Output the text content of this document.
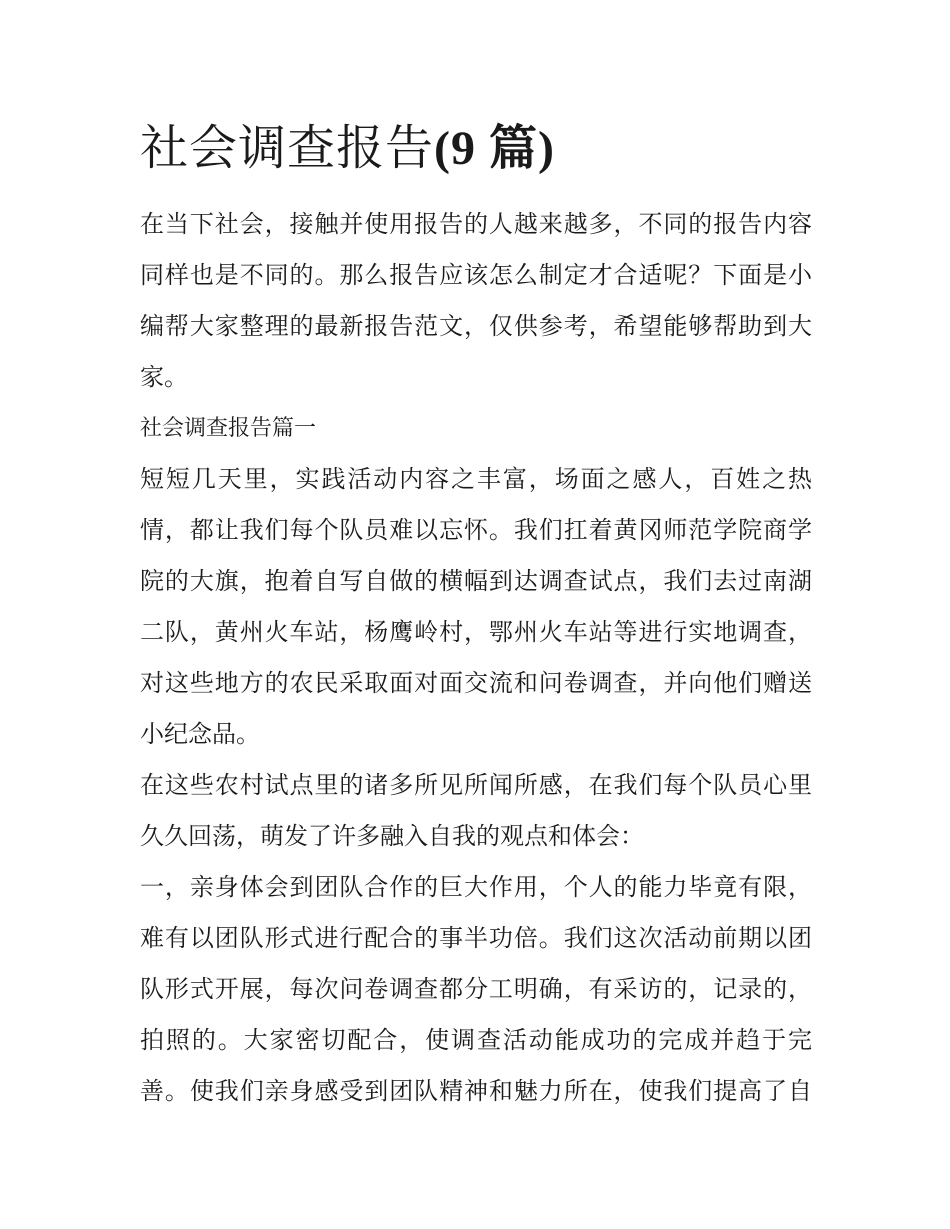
社会调查报告(9 篇)

在当下社会，接触并使用报告的人越来越多，不同的报告内容
同样也是不同的。那么报告应该怎么制定才合适呢？下面是小
编帮大家整理的最新报告范文，仅供参考，希望能够帮助到大
家。

社会调查报告篇一

短短几天里，实践活动内容之丰富，场面之感人，百姓之热
情，都让我们每个队员难以忘怀。我们扛着黄冈师范学院商学
院的大旗，抱着自写自做的横幅到达调查试点，我们去过南湖
二队，黄州火车站，杨鹰岭村，鄂州火车站等进行实地调查，
对这些地方的农民采取面对面交流和问卷调查，并向他们赠送
小纪念品。

在这些农村试点里的诸多所见所闻所感，在我们每个队员心里
久久回荡，萌发了许多融入自我的观点和体会：

一，亲身体会到团队合作的巨大作用，个人的能力毕竟有限，
难有以团队形式进行配合的事半功倍。我们这次活动前期以团
队形式开展，每次问卷调查都分工明确，有采访的，记录的，
拍照的。大家密切配合，使调查活动能成功的完成并趋于完
善。使我们亲身感受到团队精神和魅力所在，使我们提高了自
